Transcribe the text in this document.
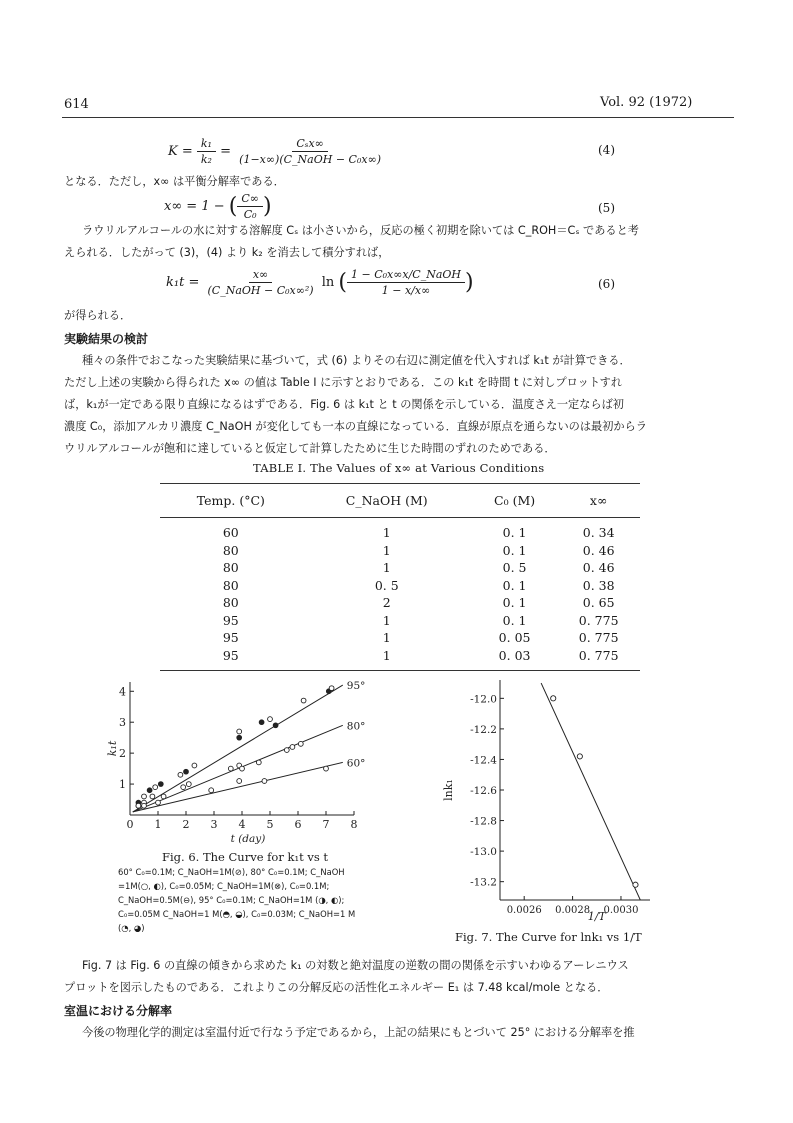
614	Vol. 92 (1972)
$K = \frac{\text{k₁}}{\text{k₂}} = \frac{\text{Cₛx∞}}{\text{(1−x∞)(C\_NaOH − C₀x∞)}}$	(4)
となる．ただし，x∞ は平衡分解率である．
x∞ = 1 − ( $\frac{C\infty}{\text{C₀}}$ )	(5)
ラウリルアルコールの水に対する溶解度 Cₛ は小さいから，反応の極く初期を除いては C_ROH＝Cₛ であると考
えられる．したがって (3)，(4) より k₂ を消去して積分すれば，
$k_1t = \frac{x\infty}{\text{(C\_NaOH − C₀x∞²)}}$ ln ( $\frac{\text{1 − C₀x∞x/C\_NaOH}}{1 - x/x\infty}$ )	(6)
が得られる．
実験結果の検討
種々の条件でおこなった実験結果に基づいて，式 (6) よりその右辺に測定値を代入すれば k₁t が計算できる．
ただし上述の実験から得られた x∞ の値は Table I に示すとおりである．この k₁t を時間 t に対しプロットすれ
ば，k₁が一定である限り直線になるはずである．Fig. 6 は k₁t と t の関係を示している．温度さえ一定ならば初
濃度 C₀，添加アルカリ濃度 C_NaOH が変化しても一本の直線になっている．直線が原点を通らないのは最初からラ
ウリルアルコールが飽和に達していると仮定して計算したために生じた時間のずれのためである．
TABLE I. The Values of x∞ at Various Conditions
Temp. (°C)	C_NaOH (M)	C₀ (M)	x∞
60	1	0. 1	0. 34
80	1	0. 1	0. 46
80	1	0. 5	0. 46
80	0. 5	0. 1	0. 38
80	2	0. 1	0. 65
95	1	0. 1	0. 775
95	1	0. 05	0. 775
95	1	0. 03	0. 775
0 1 2 3 4 5 6 7 8
1
2
3
4
t (day)
k₁t
95°
80°
60°
Fig. 6. The Curve for k₁t vs t
60° C₀=0.1M; C_NaOH=1M(⊘), 80° C₀=0.1M; C_NaOH
=1M(○, ◐), C₀=0.05M; C_NaOH=1M(⊗), C₀=0.1M;
C_NaOH=0.5M(⊖), 95° C₀=0.1M; C_NaOH=1M (◑, ◐);
C₀=0.05M C_NaOH=1 M(◓, ◒), C₀=0.03M; C_NaOH=1 M
(◔, ◕)
-12.0
-12.2
-12.4
-12.6
-12.8
-13.0
-13.2
0.0026 0.0028 0.0030
1/T
lnk₁
Fig. 7. The Curve for lnk₁ vs 1/T
Fig. 7 は Fig. 6 の直線の傾きから求めた k₁ の対数と絶対温度の逆数の間の関係を示すいわゆるアーレニウス
プロットを図示したものである．これよりこの分解反応の活性化エネルギー E₁ は 7.48 kcal/mole となる．
室温における分解率
今後の物理化学的測定は室温付近で行なう予定であるから，上記の結果にもとづいて 25° における分解率を推
